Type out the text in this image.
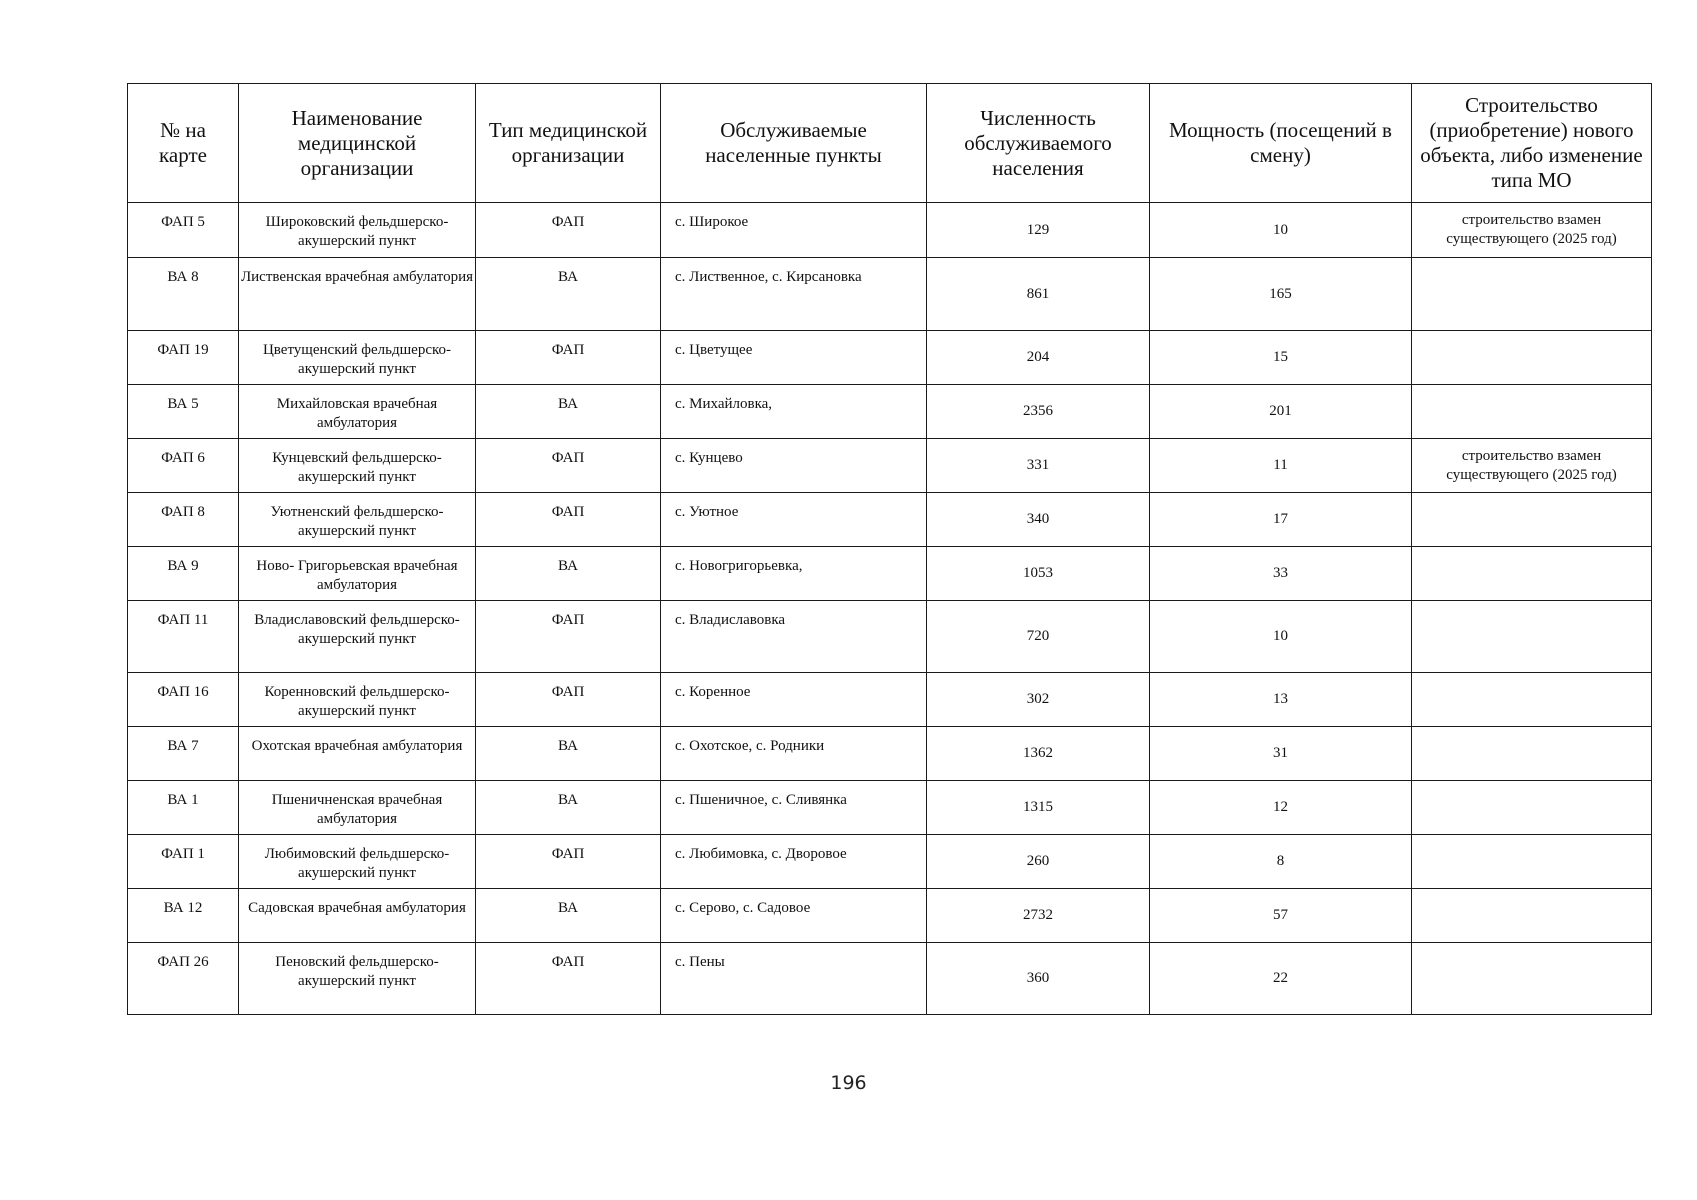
№ на карте	Наименование медицинской организации	Тип медицинской организации	Обслуживаемые населенные пункты	Численность обслуживаемого населения	Мощность (посещений в смену)	Строительство (приобретение) нового объекта, либо изменение типа МО
ФАП 5	Широковский фельдшерско-акушерский пункт	ФАП	с. Широкое	129	10	строительство взамен существующего (2025 год)
ВА 8	Лиственская врачебная амбулатория	ВА	с. Лиственное, с. Кирсановка	861	165	
ФАП 19	Цветущенский фельдшерско-акушерский пункт	ФАП	с. Цветущее	204	15	
ВА 5	Михайловская врачебная амбулатория	ВА	с. Михайловка,	2356	201	
ФАП 6	Кунцевский фельдшерско-акушерский пункт	ФАП	с. Кунцево	331	11	строительство взамен существующего (2025 год)
ФАП 8	Уютненский фельдшерско-акушерский пункт	ФАП	с. Уютное	340	17	
ВА 9	Ново- Григорьевская врачебная амбулатория	ВА	с. Новогригорьевка,	1053	33	
ФАП 11	Владиславовский фельдшерско- акушерский пункт	ФАП	с. Владиславовка	720	10	
ФАП 16	Коренновский фельдшерско-акушерский пункт	ФАП	с. Коренное	302	13	
ВА 7	Охотская врачебная амбулатория	ВА	с. Охотское, с. Родники	1362	31	
ВА 1	Пшеничненская врачебная амбулатория	ВА	с. Пшеничное, с. Сливянка	1315	12	
ФАП 1	Любимовский фельдшерско-акушерский пункт	ФАП	с. Любимовка, с. Дворовое	260	8	
ВА 12	Садовская врачебная амбулатория	ВА	с. Серово, с. Садовое	2732	57	
ФАП 26	Пеновский фельдшерско-акушерский пункт	ФАП	с. Пены	360	22	
196
